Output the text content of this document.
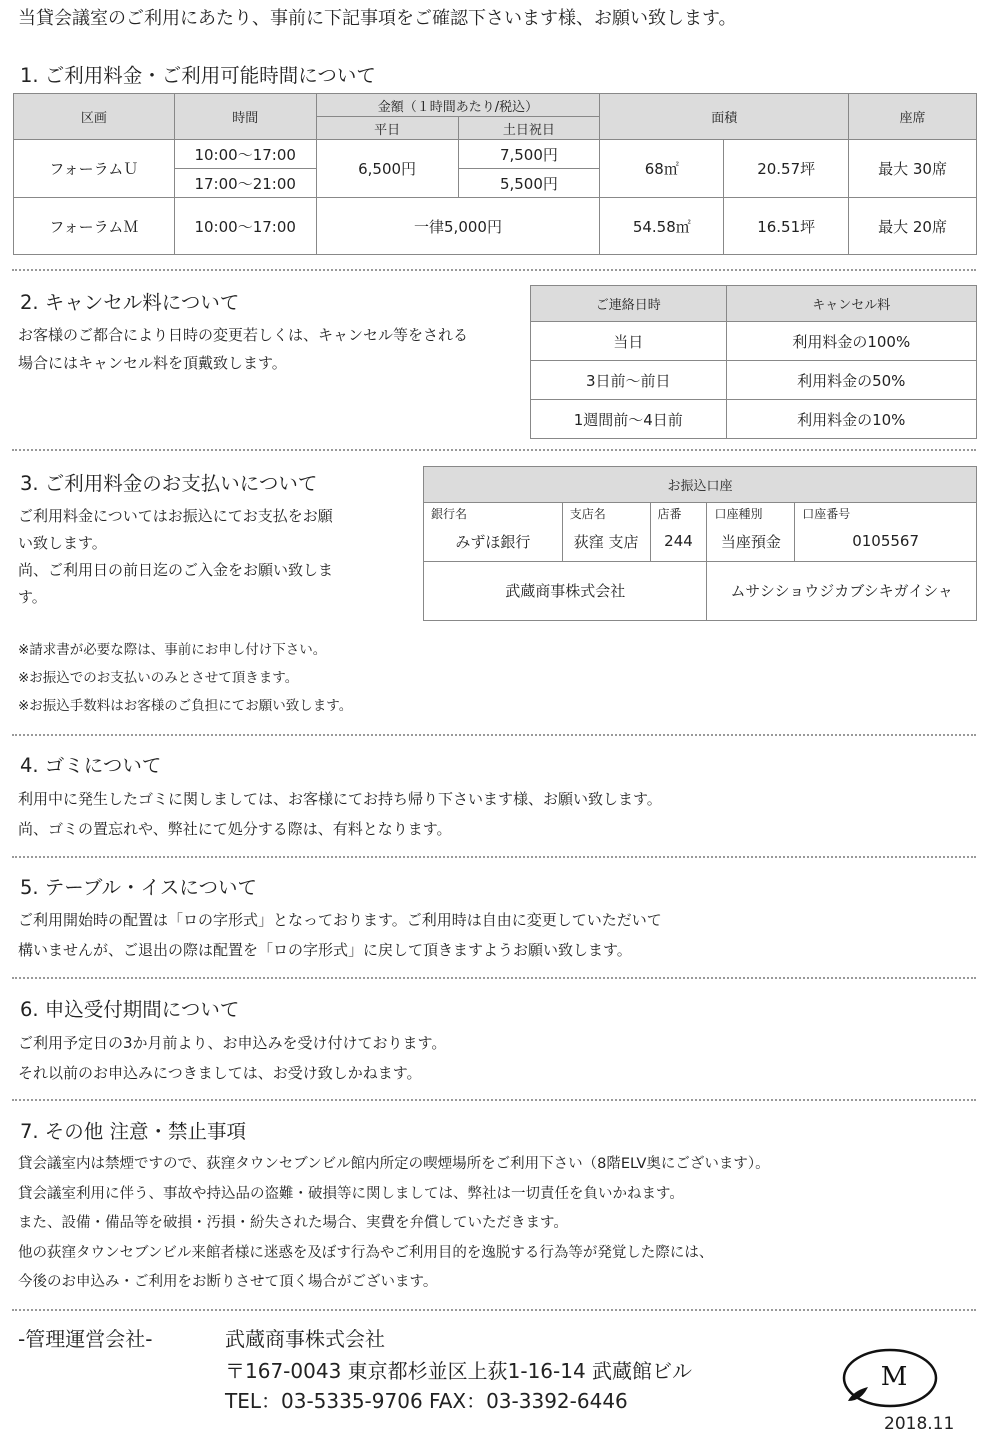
当貸会議室のご利用にあたり、事前に下記事項をご確認下さいます様、お願い致します。
1. ご利用料金・ご利用可能時間について
区画	時間	金額（１時間あたり/税込）		面積		座席
		平日	土日祝日			
フォーラムＵ	10:00～17:00	6,500円	7,500円	68㎡	20.57坪	最大 30席
	17:00～21:00		5,500円			
フォーラムＭ	10:00～17:00	一律5,000円		54.58㎡	16.51坪	最大 20席
2. キャンセル料について
お客様のご都合により日時の変更若しくは、キャンセル等をされる
場合にはキャンセル料を頂戴致します。
ご連絡日時	キャンセル料
当日	利用料金の100%
3日前～前日	利用料金の50%
1週間前～4日前	利用料金の10%
3. ご利用料金のお支払いについて
ご利用料金についてはお振込にてお支払をお願
い致します。
尚、ご利用日の前日迄のご入金をお願い致しま
す。
※請求書が必要な際は、事前にお申し付け下さい。
※お振込でのお支払いのみとさせて頂きます。
※お振込手数料はお客様のご負担にてお願い致します。
お振込口座				
銀行名	支店名	店番	口座種別	口座番号
みずほ銀行	荻窪 支店	244	当座預金	0105567
武蔵商事株式会社			ムサシショウジカブシキガイシャ	
4. ゴミについて
利用中に発生したゴミに関しましては、お客様にてお持ち帰り下さいます様、お願い致します。
尚、ゴミの置忘れや、弊社にて処分する際は、有料となります。
5. テーブル・イスについて
ご利用開始時の配置は「ロの字形式」となっております。ご利用時は自由に変更していただいて
構いませんが、ご退出の際は配置を「ロの字形式」に戻して頂きますようお願い致します。
6. 申込受付期間について
ご利用予定日の3か月前より、お申込みを受け付けております。
それ以前のお申込みにつきましては、お受け致しかねます。
7. その他 注意・禁止事項
貸会議室内は禁煙ですので、荻窪タウンセブンビル館内所定の喫煙場所をご利用下さい（8階ELV奥にございます）。
貸会議室利用に伴う、事故や持込品の盗難・破損等に関しましては、弊社は一切責任を負いかねます。
また、設備・備品等を破損・汚損・紛失された場合、実費を弁償していただきます。
他の荻窪タウンセブンビル来館者様に迷惑を及ぼす行為やご利用目的を逸脱する行為等が発覚した際には、
今後のお申込み・ご利用をお断りさせて頂く場合がございます。
-管理運営会社-	武蔵商事株式会社
〒167-0043 東京都杉並区上荻1-16-14 武蔵館ビル
TEL：03-5335-9706 FAX：03-3392-6446
M
2018.11
